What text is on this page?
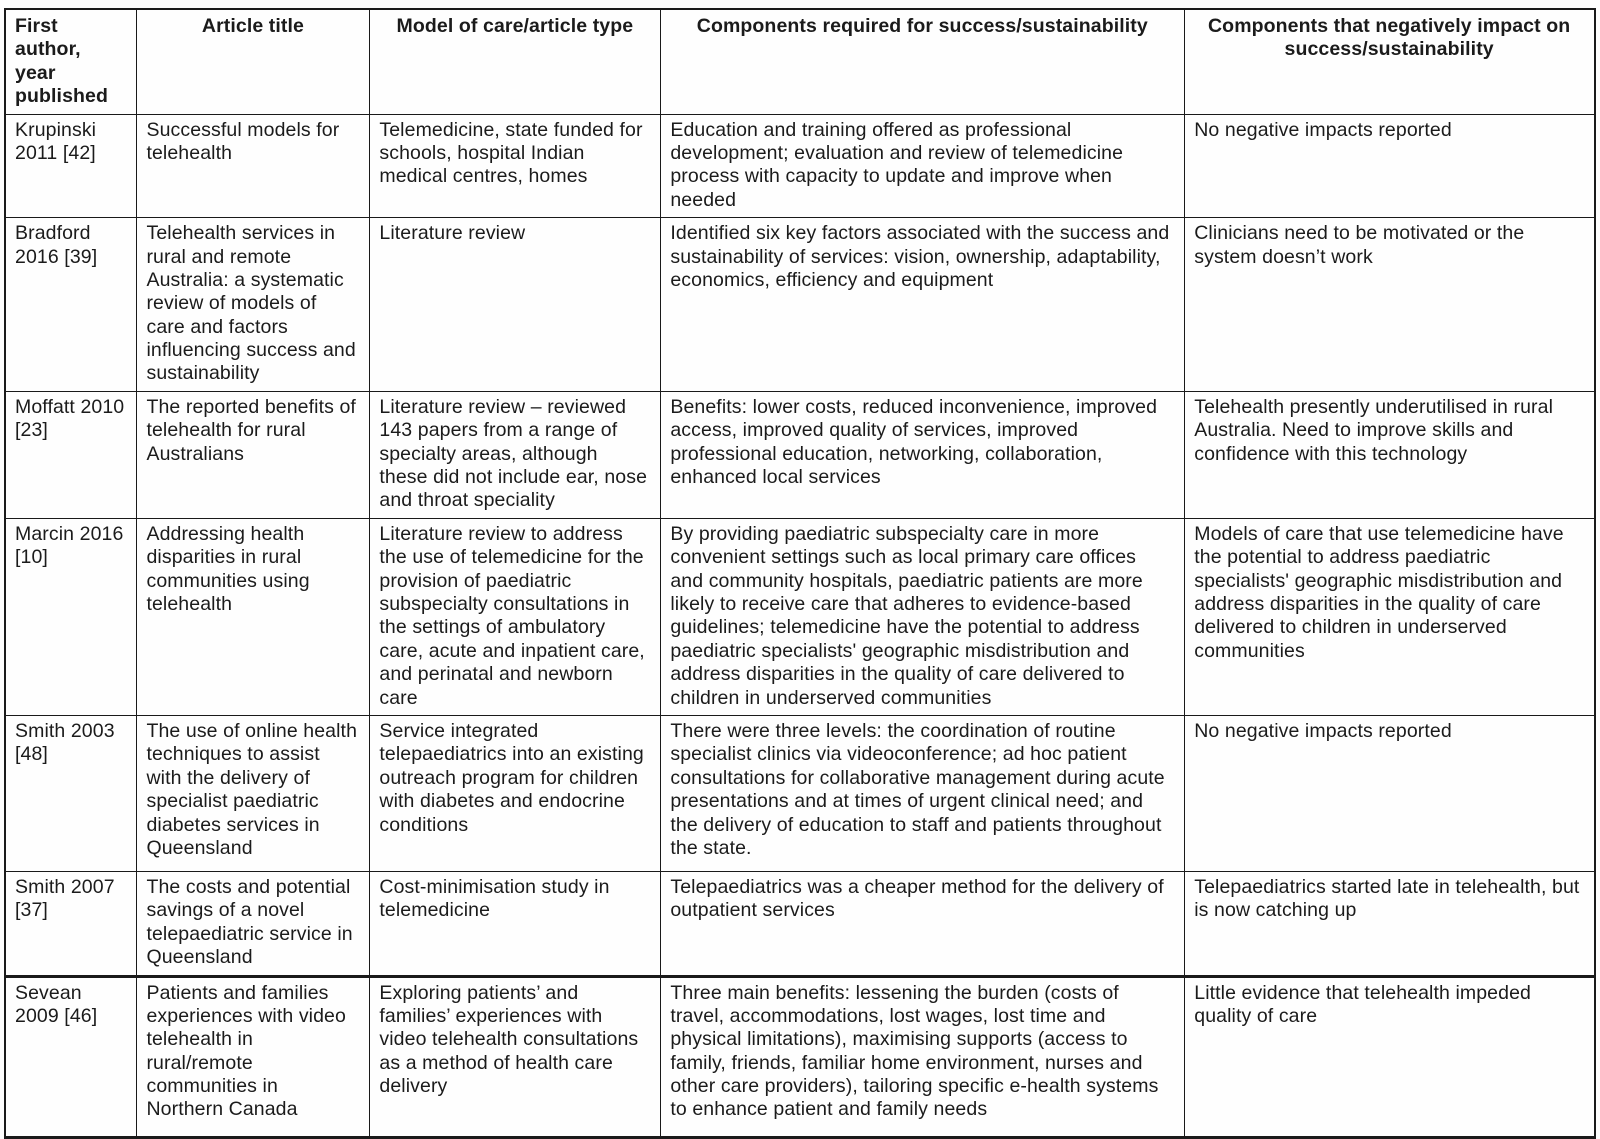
First author, year published	Article title	Model of care/article type	Components required for success/sustainability	Components that negatively impact on success/sustainability
Krupinski 2011 [42]	Successful models for telehealth	Telemedicine, state funded for schools, hospital Indian medical centres, homes	Education and training offered as professional development; evaluation and review of telemedicine process with capacity to update and improve when needed	No negative impacts reported
Bradford 2016 [39]	Telehealth services in rural and remote Australia: a systematic review of models of care and factors influencing success and sustainability	Literature review	Identified six key factors associated with the success and sustainability of services: vision, ownership, adaptability, economics, efficiency and equipment	Clinicians need to be motivated or the system doesn’t work
Moffatt 2010 [23]	The reported benefits of telehealth for rural Australians	Literature review – reviewed 143 papers from a range of specialty areas, although these did not include ear, nose and throat speciality	Benefits: lower costs, reduced inconvenience, improved access, improved quality of services, improved professional education, networking, collaboration, enhanced local services	Telehealth presently underutilised in rural Australia. Need to improve skills and confidence with this technology
Marcin 2016 [10]	Addressing health disparities in rural communities using telehealth	Literature review to address the use of telemedicine for the provision of paediatric subspecialty consultations in the settings of ambulatory care, acute and inpatient care, and perinatal and newborn care	By providing paediatric subspecialty care in more convenient settings such as local primary care offices and community hospitals, paediatric patients are more likely to receive care that adheres to evidence-based guidelines; telemedicine have the potential to address paediatric specialists' geographic misdistribution and address disparities in the quality of care delivered to children in underserved communities	Models of care that use telemedicine have the potential to address paediatric specialists' geographic misdistribution and address disparities in the quality of care delivered to children in underserved communities
Smith 2003 [48]	The use of online health techniques to assist with the delivery of specialist paediatric diabetes services in Queensland	Service integrated telepaediatrics into an existing outreach program for children with diabetes and endocrine conditions	There were three levels: the coordination of routine specialist clinics via videoconference; ad hoc patient consultations for collaborative management during acute presentations and at times of urgent clinical need; and the delivery of education to staff and patients throughout the state.	No negative impacts reported
Smith 2007 [37]	The costs and potential savings of a novel telepaediatric service in Queensland	Cost-minimisation study in telemedicine	Telepaediatrics was a cheaper method for the delivery of outpatient services	Telepaediatrics started late in telehealth, but is now catching up
Sevean 2009 [46]	Patients and families experiences with video telehealth in rural/remote communities in Northern Canada	Exploring patients’ and families’ experiences with video telehealth consultations as a method of health care delivery	Three main benefits: lessening the burden (costs of travel, accommodations, lost wages, lost time and physical limitations), maximising supports (access to family, friends, familiar home environment, nurses and other care providers), tailoring specific e-health systems to enhance patient and family needs	Little evidence that telehealth impeded quality of care
